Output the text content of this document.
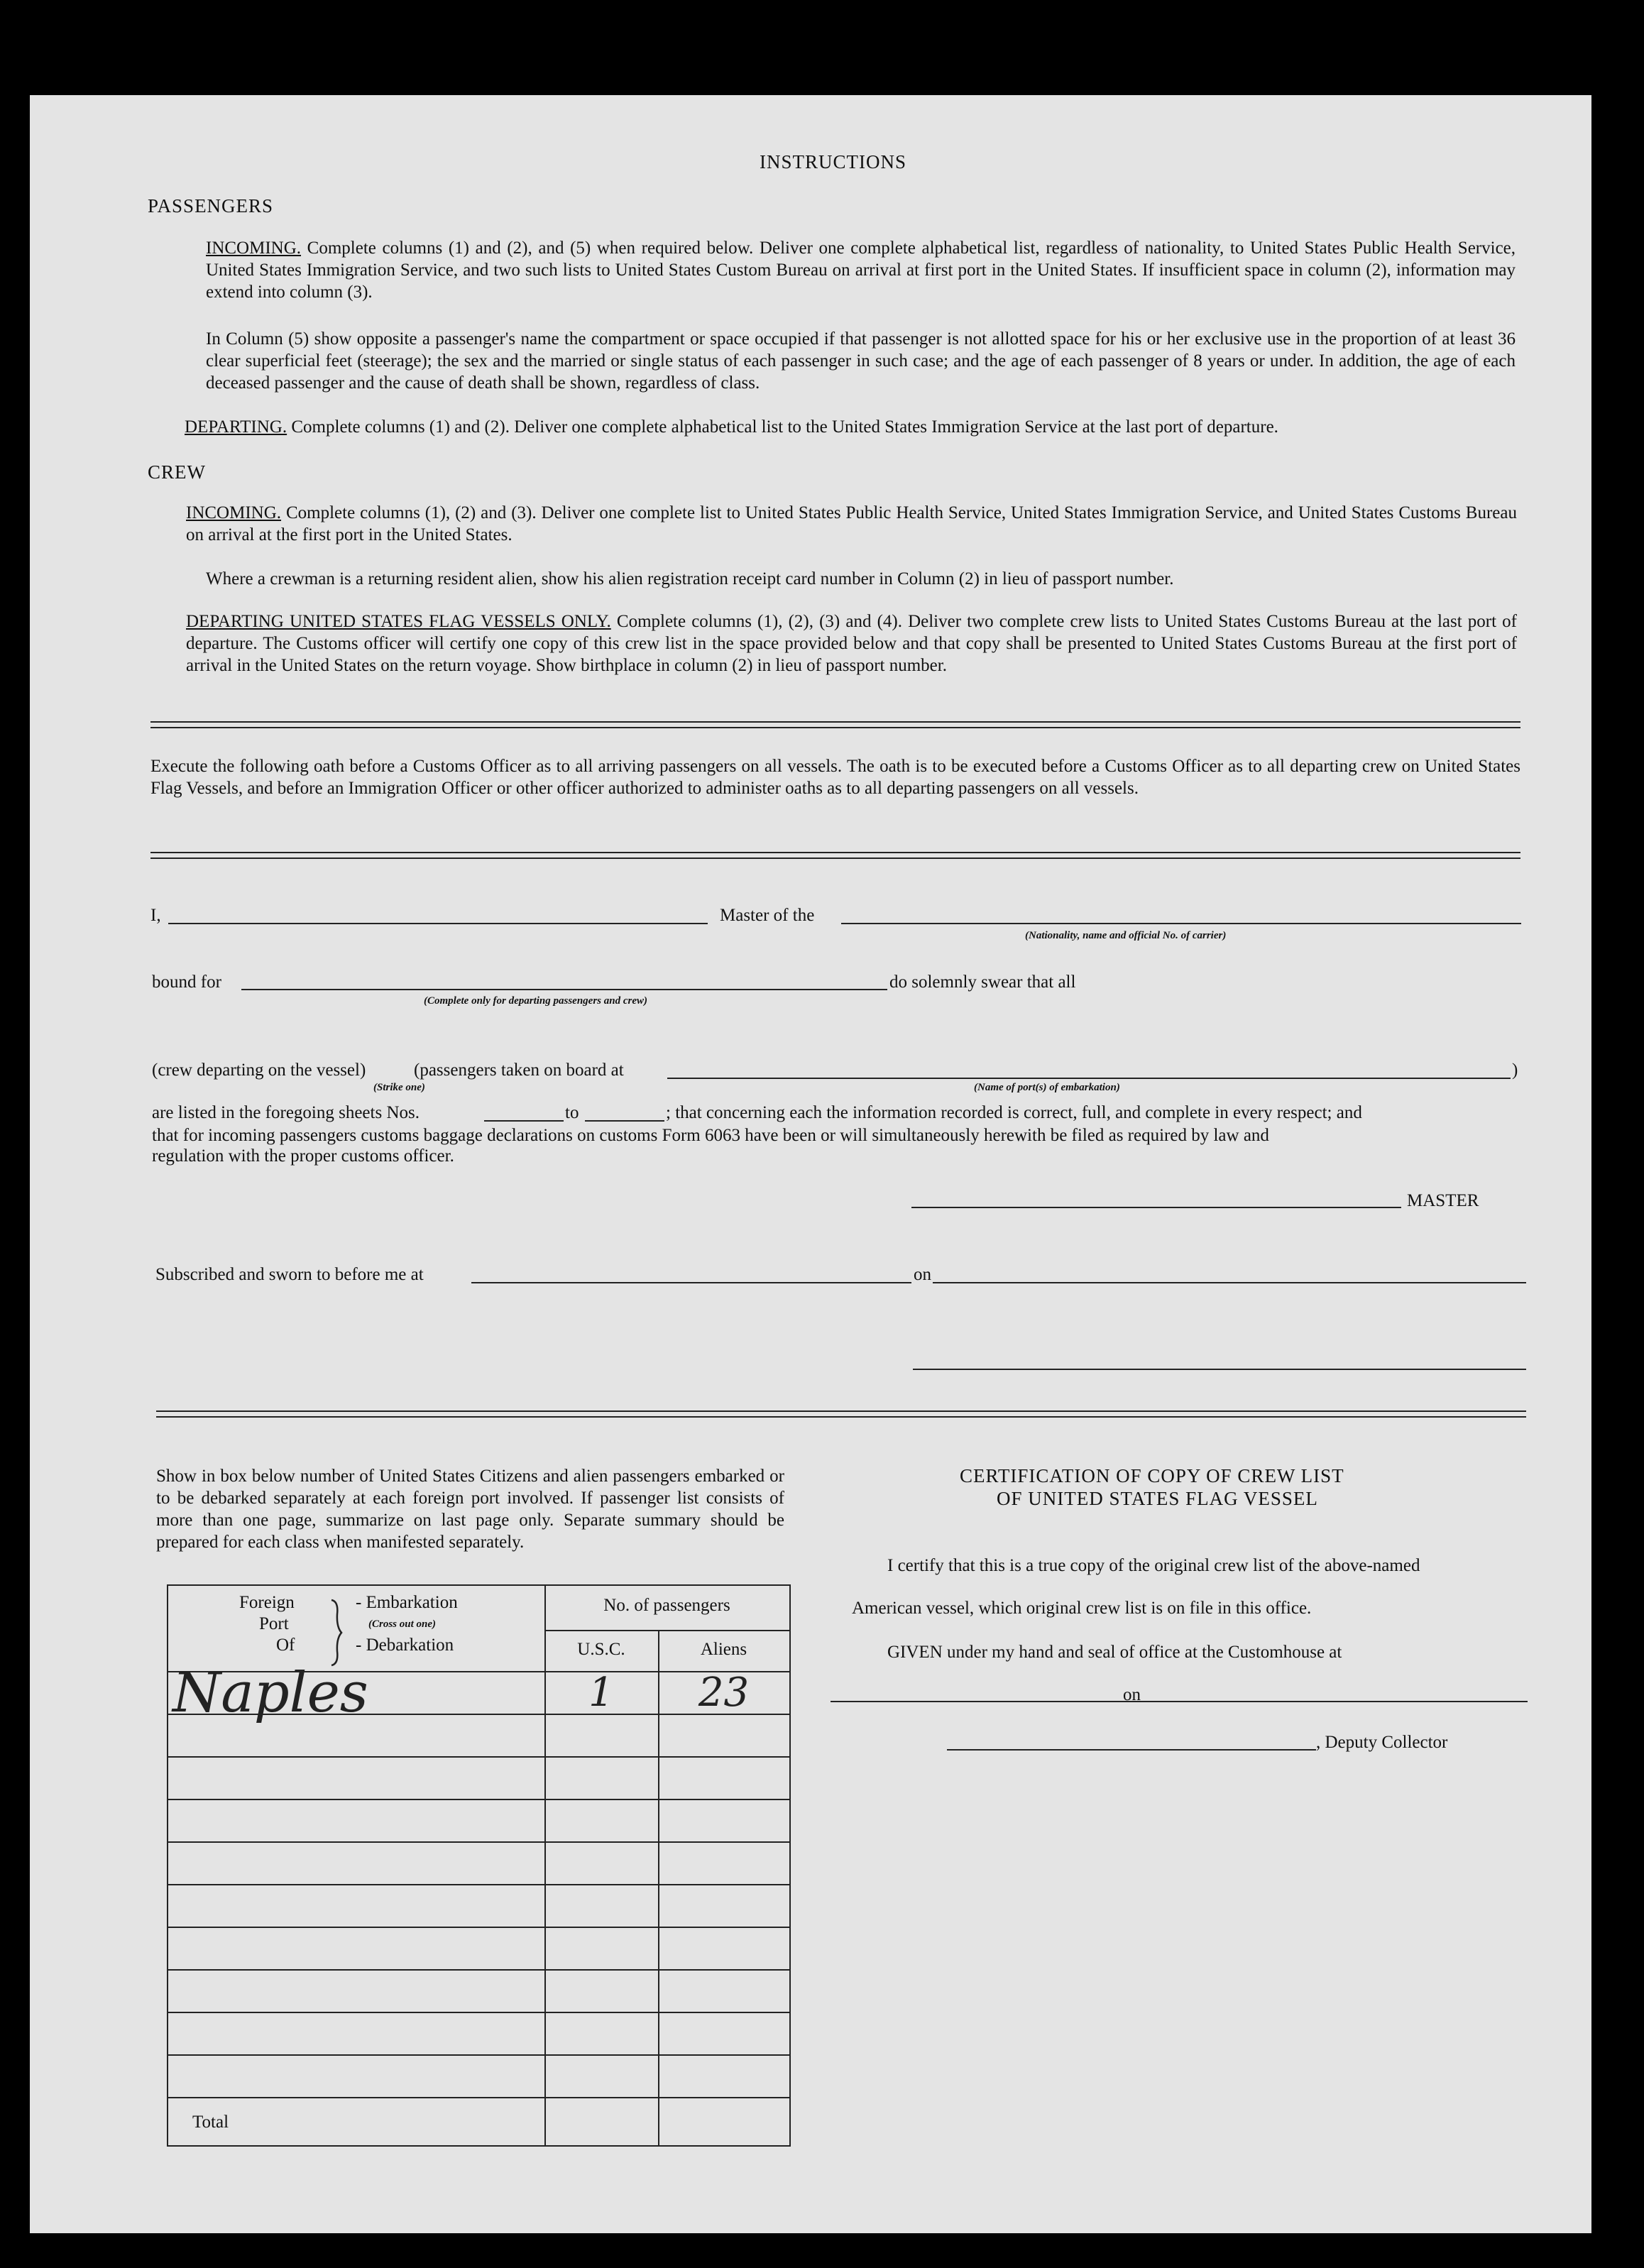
INSTRUCTIONS
PASSENGERS

INCOMING. Complete columns (1) and (2), and (5) when required below. Deliver one complete alphabetical list, regardless of nationality, to United States Public Health Service, United States Immigration Service, and two such lists to United States Custom Bureau on arrival at first port in the United States. If insufficient space in column (2), information may extend into column (3).

In Column (5) show opposite a passenger's name the compartment or space occupied if that passenger is not allotted space for his or her exclusive use in the proportion of at least 36 clear superficial feet (steerage); the sex and the married or single status of each passenger in such case; and the age of each passenger of 8 years or under. In addition, the age of each deceased passenger and the cause of death shall be shown, regardless of class.

DEPARTING. Complete columns (1) and (2). Deliver one complete alphabetical list to the United States Immigration Service at the last port of departure.

CREW

INCOMING. Complete columns (1), (2) and (3). Deliver one complete list to United States Public Health Service, United States Immigration Service, and United States Customs Bureau on arrival at the first port in the United States.

Where a crewman is a returning resident alien, show his alien registration receipt card number in Column (2) in lieu of passport number.

DEPARTING UNITED STATES FLAG VESSELS ONLY. Complete columns (1), (2), (3) and (4). Deliver two complete crew lists to United States Customs Bureau at the last port of departure. The Customs officer will certify one copy of this crew list in the space provided below and that copy shall be presented to United States Customs Bureau at the first port of arrival in the United States on the return voyage. Show birthplace in column (2) in lieu of passport number.

Execute the following oath before a Customs Officer as to all arriving passengers on all vessels. The oath is to be executed before a Customs Officer as to all departing crew on United States Flag Vessels, and before an Immigration Officer or other officer authorized to administer oaths as to all departing passengers on all vessels.

I,	Master of the
(Nationality, name and official No. of carrier)
bound for
(Complete only for departing passengers and crew)
do solemnly swear that all
(crew departing on the vessel)	(passengers taken on board at	)
(Strike one)	(Name of port(s) of embarkation)
are listed in the foregoing sheets Nos.	to	; that concerning each the information recorded is correct, full, and complete in every respect; and

that for incoming passengers customs baggage declarations on customs Form 6063 have been or will simultaneously herewith be filed as required by law and

regulation with the proper customs officer.
MASTER
Subscribed and sworn to before me at	on

Show in box below number of United States Citizens and alien passengers embarked or to be debarked separately at each foreign port involved. If passenger list consists of more than one page, summarize on last page only. Separate summary should be prepared for each class when manifested separately.

Foreign
Port
Of
- Embarkation
(Cross out one)
- Debarkation
No. of passengers
U.S.C.	Aliens
Naples	1	23
Total
CERTIFICATION OF COPY OF CREW LIST
OF UNITED STATES FLAG VESSEL
I certify that this is a true copy of the original crew list of the above-named
American vessel, which original crew list is on file in this office.
GIVEN under my hand and seal of office at the Customhouse at
on
, Deputy Collector
